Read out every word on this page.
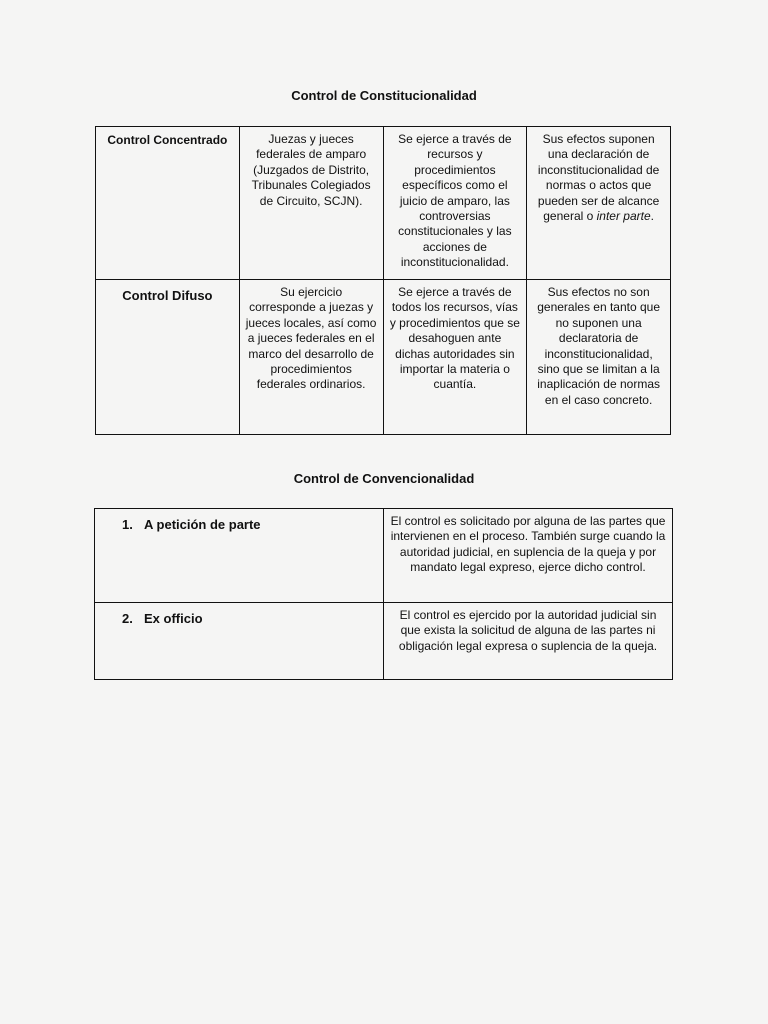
Control de Constitucionalidad
Control Concentrado	Juezas y jueces federales de amparo (Juzgados de Distrito, Tribunales Colegiados de Circuito, SCJN).	Se ejerce a través de recursos y procedimientos específicos como el juicio de amparo, las controversias constitucionales y las acciones de inconstitucionalidad.	Sus efectos suponen una declaración de inconstitucionalidad de normas o actos que pueden ser de alcance general o inter parte.
Control Difuso	Su ejercicio corresponde a juezas y jueces locales, así como a jueces federales en el marco del desarrollo de procedimientos federales ordinarios.	Se ejerce a través de todos los recursos, vías y procedimientos que se desahoguen ante dichas autoridades sin importar la materia o cuantía.	Sus efectos no son generales en tanto que no suponen una declaratoria de inconstitucionalidad, sino que se limitan a la inaplicación de normas en el caso concreto.
Control de Convencionalidad
1. A petición de parte	El control es solicitado por alguna de las partes que intervienen en el proceso. También surge cuando la autoridad judicial, en suplencia de la queja y por mandato legal expreso, ejerce dicho control.
2. Ex officio	El control es ejercido por la autoridad judicial sin que exista la solicitud de alguna de las partes ni obligación legal expresa o suplencia de la queja.
